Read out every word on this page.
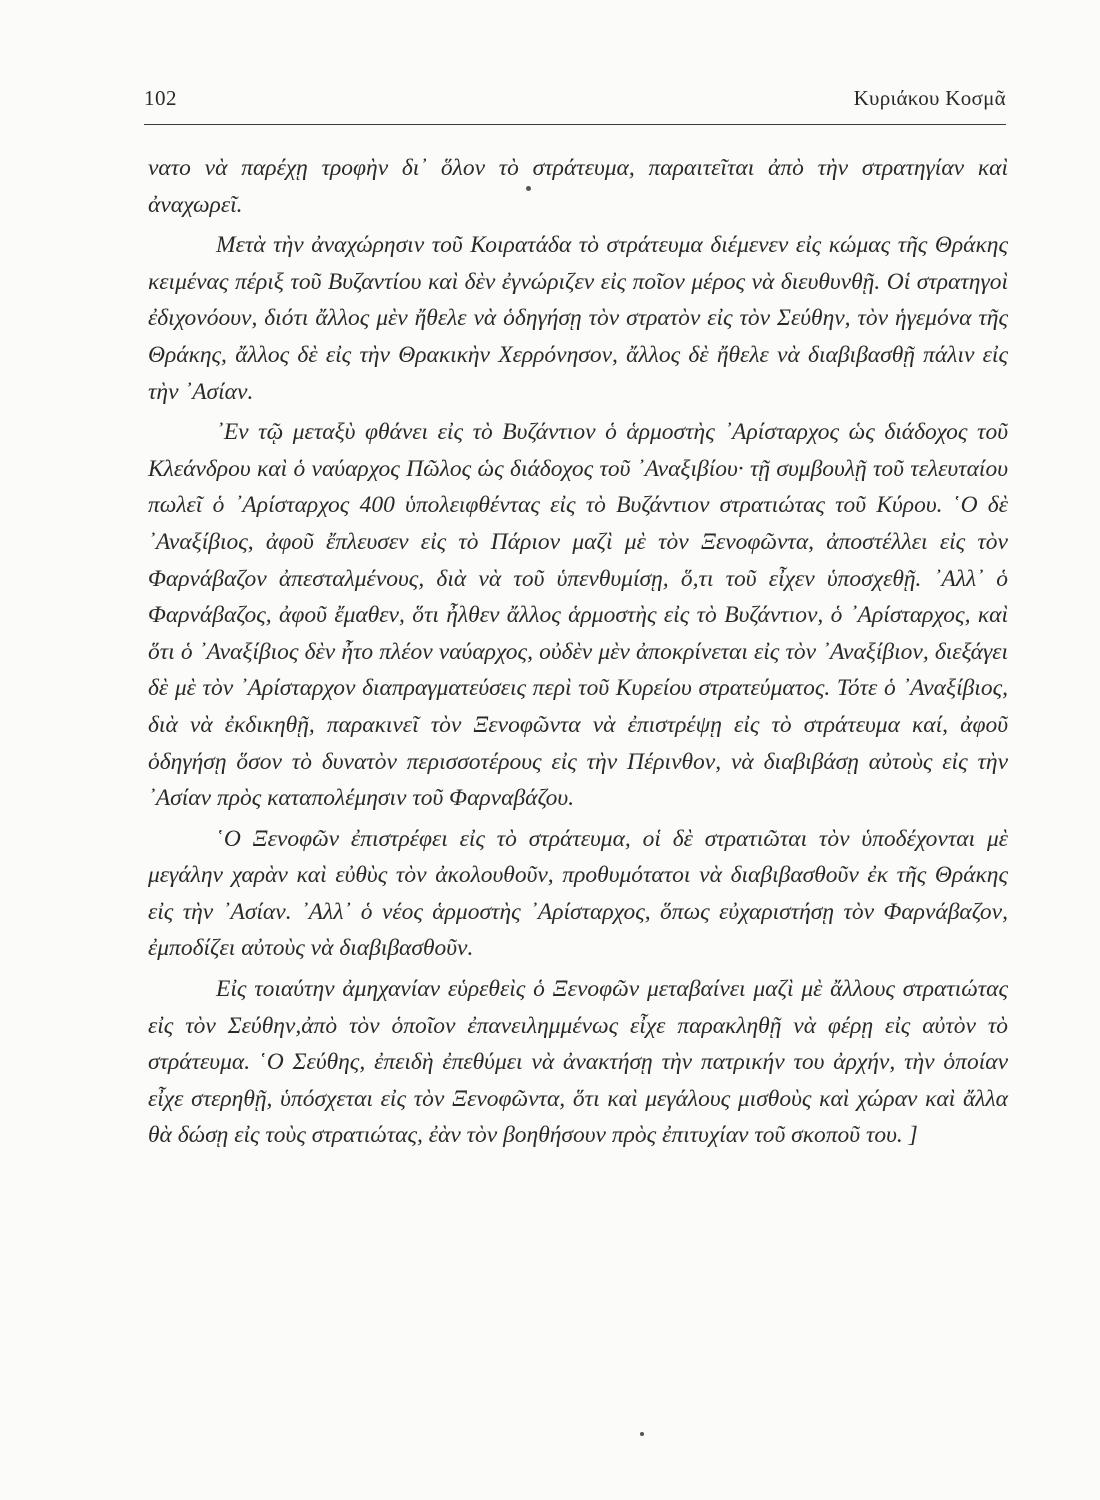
102	Κυριάκου Κοσμᾶ

νατο νὰ παρέχῃ τροφὴν δι᾿ ὅλον τὸ στράτευμα, παραιτεῖται ἀπὸ τὴν στρατηγίαν καὶ ἀναχωρεῖ.

Μετὰ τὴν ἀναχώρησιν τοῦ Κοιρατάδα τὸ στράτευμα διέμενεν εἰς κώμας τῆς Θράκης κειμένας πέριξ τοῦ Βυζαντίου καὶ δὲν ἐγνώριζεν εἰς ποῖον μέρος νὰ διευθυνθῇ. Οἱ στρατηγοὶ ἐδιχονόουν, διότι ἄλλος μὲν ἤθελε νὰ ὁδηγήσῃ τὸν στρατὸν εἰς τὸν Σεύθην, τὸν ἡγεμόνα τῆς Θράκης, ἄλλος δὲ εἰς τὴν Θρακικὴν Χερρόνησον, ἄλλος δὲ ἤθελε νὰ διαβιβασθῇ πάλιν εἰς τὴν ᾿Ασίαν.

᾿Εν τῷ μεταξὺ φθάνει εἰς τὸ Βυζάντιον ὁ ἁρμοστὴς ᾿Αρίσταρχος ὡς διάδοχος τοῦ Κλεάνδρου καὶ ὁ ναύαρχος Πῶλος ὡς διάδοχος τοῦ ᾿Αναξιβίου· τῇ συμβουλῇ τοῦ τελευταίου πωλεῖ ὁ ᾿Αρίσταρχος 400 ὑπολειφθέντας εἰς τὸ Βυζάντιον στρατιώτας τοῦ Κύρου. ῾Ο δὲ ᾿Αναξίβιος, ἀφοῦ ἔπλευσεν εἰς τὸ Πάριον μαζὶ μὲ τὸν Ξενοφῶντα, ἀποστέλλει εἰς τὸν Φαρνάβαζον ἀπεσταλμένους, διὰ νὰ τοῦ ὑπενθυμίσῃ, ὅ,τι τοῦ εἶχεν ὑποσχεθῇ. ᾿Αλλ᾿ ὁ Φαρνάβαζος, ἀφοῦ ἔμαθεν, ὅτι ἦλθεν ἄλλος ἁρμοστὴς εἰς τὸ Βυζάντιον, ὁ ᾿Αρίσταρχος, καὶ ὅτι ὁ ᾿Αναξίβιος δὲν ἦτο πλέον ναύαρχος, οὐδὲν μὲν ἀποκρίνεται εἰς τὸν ᾿Αναξίβιον, διεξάγει δὲ μὲ τὸν ᾿Αρίσταρχον διαπραγματεύσεις περὶ τοῦ Κυρείου στρατεύματος. Τότε ὁ ᾿Αναξίβιος, διὰ νὰ ἐκδικηθῇ, παρακινεῖ τὸν Ξενοφῶντα νὰ ἐπιστρέψῃ εἰς τὸ στράτευμα καί, ἀφοῦ ὁδηγήσῃ ὅσον τὸ δυνατὸν περισσοτέρους εἰς τὴν Πέρινθον, νὰ διαβιβάσῃ αὐτοὺς εἰς τὴν ᾿Ασίαν πρὸς καταπολέμησιν τοῦ Φαρναβάζου.

῾Ο Ξενοφῶν ἐπιστρέφει εἰς τὸ στράτευμα, οἱ δὲ στρατιῶται τὸν ὑποδέχονται μὲ μεγάλην χαρὰν καὶ εὐθὺς τὸν ἀκολουθοῦν, προθυμότατοι νὰ διαβιβασθοῦν ἐκ τῆς Θράκης εἰς τὴν ᾿Ασίαν. ᾿Αλλ᾿ ὁ νέος ἁρμοστὴς ᾿Αρίσταρχος, ὅπως εὐχαριστήσῃ τὸν Φαρνάβαζον, ἐμποδίζει αὐτοὺς νὰ διαβιβασθοῦν.

Εἰς τοιαύτην ἀμηχανίαν εὑρεθεὶς ὁ Ξενοφῶν μεταβαίνει μαζὶ μὲ ἄλλους στρατιώτας εἰς τὸν Σεύθην,ἀπὸ τὸν ὁποῖον ἐπανειλημμένως εἶχε παρακληθῇ νὰ φέρῃ εἰς αὐτὸν τὸ στράτευμα. ῾Ο Σεύθης, ἐπειδὴ ἐπεθύμει νὰ ἀνακτήσῃ τὴν πατρικήν του ἀρχήν, τὴν ὁποίαν εἶχε στερηθῇ, ὑπόσχεται εἰς τὸν Ξενοφῶντα, ὅτι καὶ μεγάλους μισθοὺς καὶ χώραν καὶ ἄλλα θὰ δώσῃ εἰς τοὺς στρατιώτας, ἐὰν τὸν βοηθήσουν πρὸς ἐπιτυχίαν τοῦ σκοποῦ του. ]
